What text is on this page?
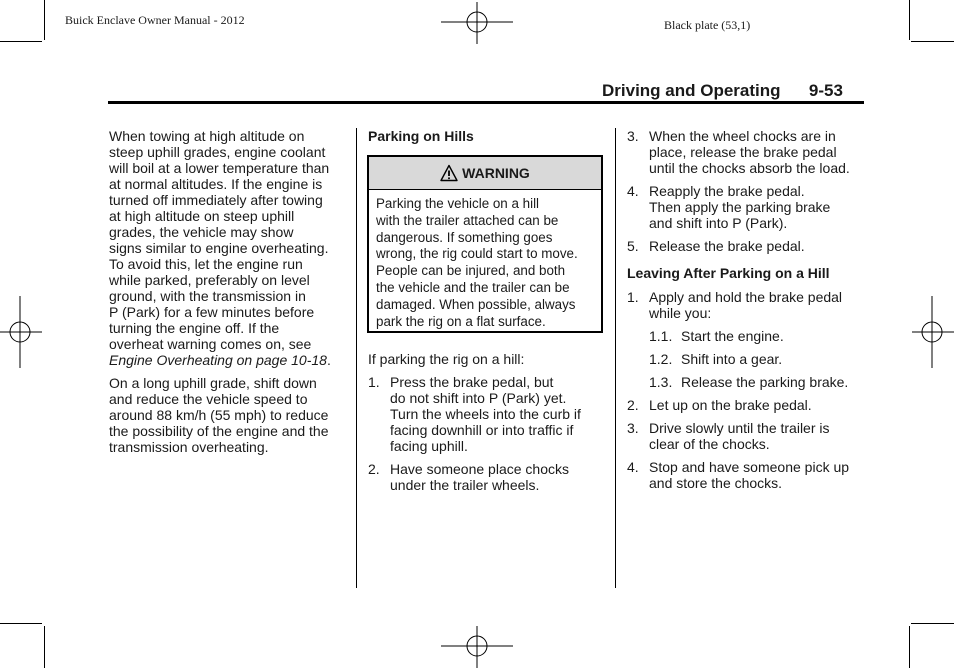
Buick Enclave Owner Manual - 2012	Black plate (53,1)
Driving and Operating 9-53

When towing at high altitude on
steep uphill grades, engine coolant
will boil at a lower temperature than
at normal altitudes. If the engine is
turned off immediately after towing
at high altitude on steep uphill
grades, the vehicle may show
signs similar to engine overheating.
To avoid this, let the engine run
while parked, preferably on level
ground, with the transmission in
P (Park) for a few minutes before
turning the engine off. If the
overheat warning comes on, see
Engine Overheating on page 10-18.

On a long uphill grade, shift down
and reduce the vehicle speed to
around 88 km/h (55 mph) to reduce
the possibility of the engine and the
transmission overheating.

Parking on Hills
WARNING
Parking the vehicle on a hill
with the trailer attached can be
dangerous. If something goes
wrong, the rig could start to move.
People can be injured, and both
the vehicle and the trailer can be
damaged. When possible, always
park the rig on a flat surface.

If parking the rig on a hill:

1. Press the brake pedal, but
do not shift into P (Park) yet.
Turn the wheels into the curb if
facing downhill or into traffic if
facing uphill.
2. Have someone place chocks
under the trailer wheels.
3. When the wheel chocks are in
place, release the brake pedal
until the chocks absorb the load.
4. Reapply the brake pedal.
Then apply the parking brake
and shift into P (Park).
5. Release the brake pedal.
Leaving After Parking on a Hill
1. Apply and hold the brake pedal
while you:
1.1. Start the engine.
1.2. Shift into a gear.
1.3. Release the parking brake.
2. Let up on the brake pedal.
3. Drive slowly until the trailer is
clear of the chocks.
4. Stop and have someone pick up
and store the chocks.
